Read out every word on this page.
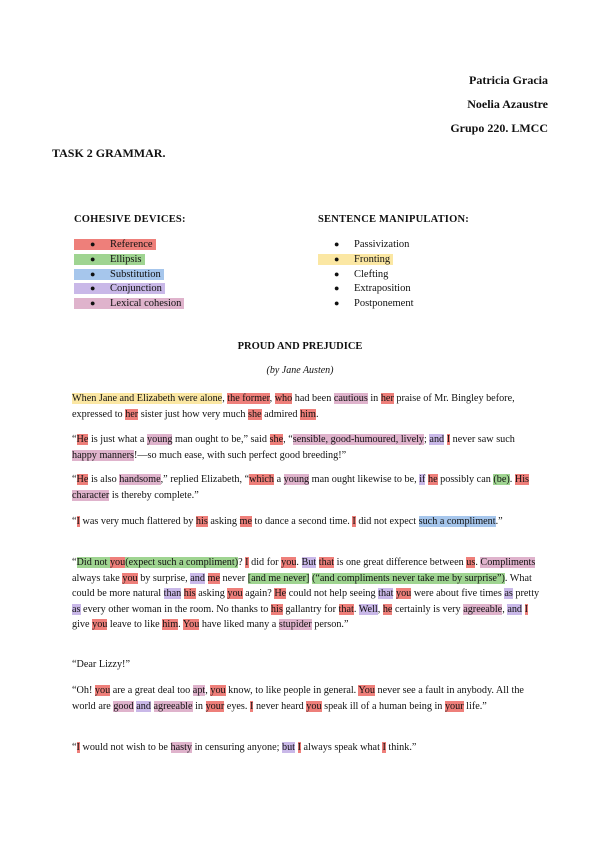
Patricia Gracia
Noelia Azaustre
Grupo 220. LMCC
TASK 2 GRAMMAR.
COHESIVE DEVICES:
● Reference
● Ellipsis
● Substitution
● Conjunction
● Lexical cohesion
SENTENCE MANIPULATION:
● Passivization
● Fronting
● Clefting
● Extraposition
● Postponement
PROUD AND PREJUDICE
(by Jane Austen)
When Jane and Elizabeth were alone, the former, who had been cautious in her praise of Mr. Bingley before, expressed to her sister just how very much she admired him.
“He is just what a young man ought to be,” said she, “sensible, good-humoured, lively; and I never saw such happy manners!—so much ease, with such perfect good breeding!”
“He is also handsome,” replied Elizabeth, “which a young man ought likewise to be, if he possibly can (be). His character is thereby complete.”
“I was very much flattered by his asking me to dance a second time. I did not expect such a compliment.”
“Did not you(expect such a compliment)? I did for you. But that is one great difference between us. Compliments always take you by surprise, and me never [and me never] (“and compliments never take me by surprise”). What could be more natural than his asking you again? He could not help seeing that you were about five times as pretty as every other woman in the room. No thanks to his gallantry for that. Well, he certainly is very agreeable, and I give you leave to like him. You have liked many a stupider person.”
“Dear Lizzy!”
“Oh! you are a great deal too apt, you know, to like people in general. You never see a fault in anybody. All the world are good and agreeable in your eyes. I never heard you speak ill of a human being in your life.”
“I would not wish to be hasty in censuring anyone; but I always speak what I think.”
